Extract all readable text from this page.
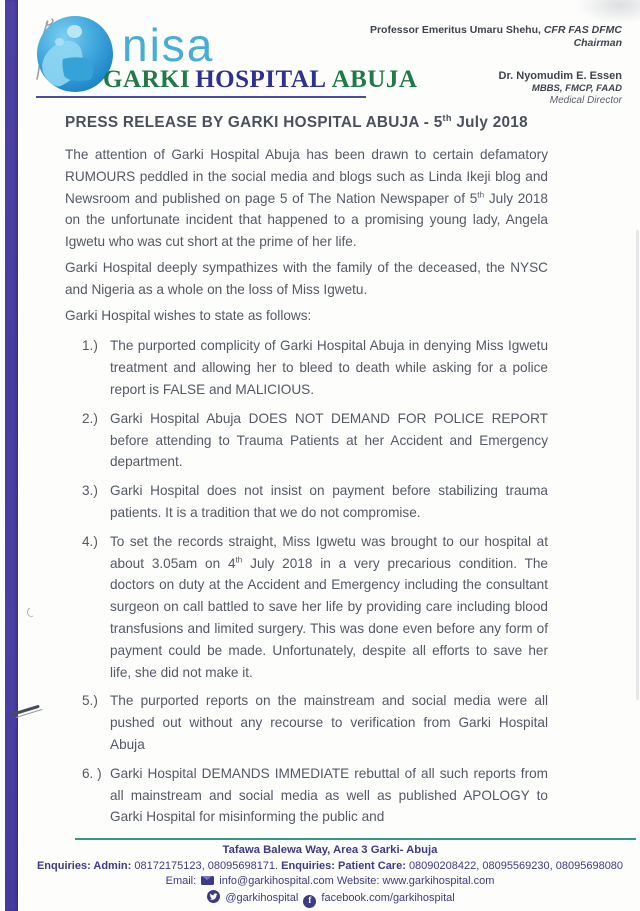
nisa
GARKI HOSPITAL ABUJA
Professor Emeritus Umaru Shehu, CFR FAS DFMC
Chairman
Dr. Nyomudim E. Essen
MBBS, FMCP, FAAD
Medical Director
PRESS RELEASE BY GARKI HOSPITAL ABUJA - 5th July 2018

The attention of Garki Hospital Abuja has been drawn to certain defamatory RUMOURS peddled in the social media and blogs such as Linda Ikeji blog and Newsroom and published on page 5 of The Nation Newspaper of 5th July 2018 on the unfortunate incident that happened to a promising young lady, Angela Igwetu who was cut short at the prime of her life.

Garki Hospital deeply sympathizes with the family of the deceased, the NYSC and Nigeria as a whole on the loss of Miss Igwetu.

Garki Hospital wishes to state as follows:

1.) The purported complicity of Garki Hospital Abuja in denying Miss Igwetu treatment and allowing her to bleed to death while asking for a police report is FALSE and MALICIOUS.
2.) Garki Hospital Abuja DOES NOT DEMAND FOR POLICE REPORT before attending to Trauma Patients at her Accident and Emergency department.
3.) Garki Hospital does not insist on payment before stabilizing trauma patients. It is a tradition that we do not compromise.
4.) To set the records straight, Miss Igwetu was brought to our hospital at about 3.05am on 4th July 2018 in a very precarious condition. The doctors on duty at the Accident and Emergency including the consultant surgeon on call battled to save her life by providing care including blood transfusions and limited surgery. This was done even before any form of payment could be made. Unfortunately, despite all efforts to save her life, she did not make it.
5.) The purported reports on the mainstream and social media were all pushed out without any recourse to verification from Garki Hospital Abuja
6. ) Garki Hospital DEMANDS IMMEDIATE rebuttal of all such reports from all mainstream and social media as well as published APOLOGY to Garki Hospital for misinforming the public and
Tafawa Balewa Way, Area 3 Garki- Abuja
Enquiries: Admin: 08172175123, 08095698171. Enquiries: Patient Care: 08090208422, 08095569230, 08095698080
Email: info@garkihospital.com Website: www.garkihospital.com
@garkihospital f facebook.com/garkihospital
